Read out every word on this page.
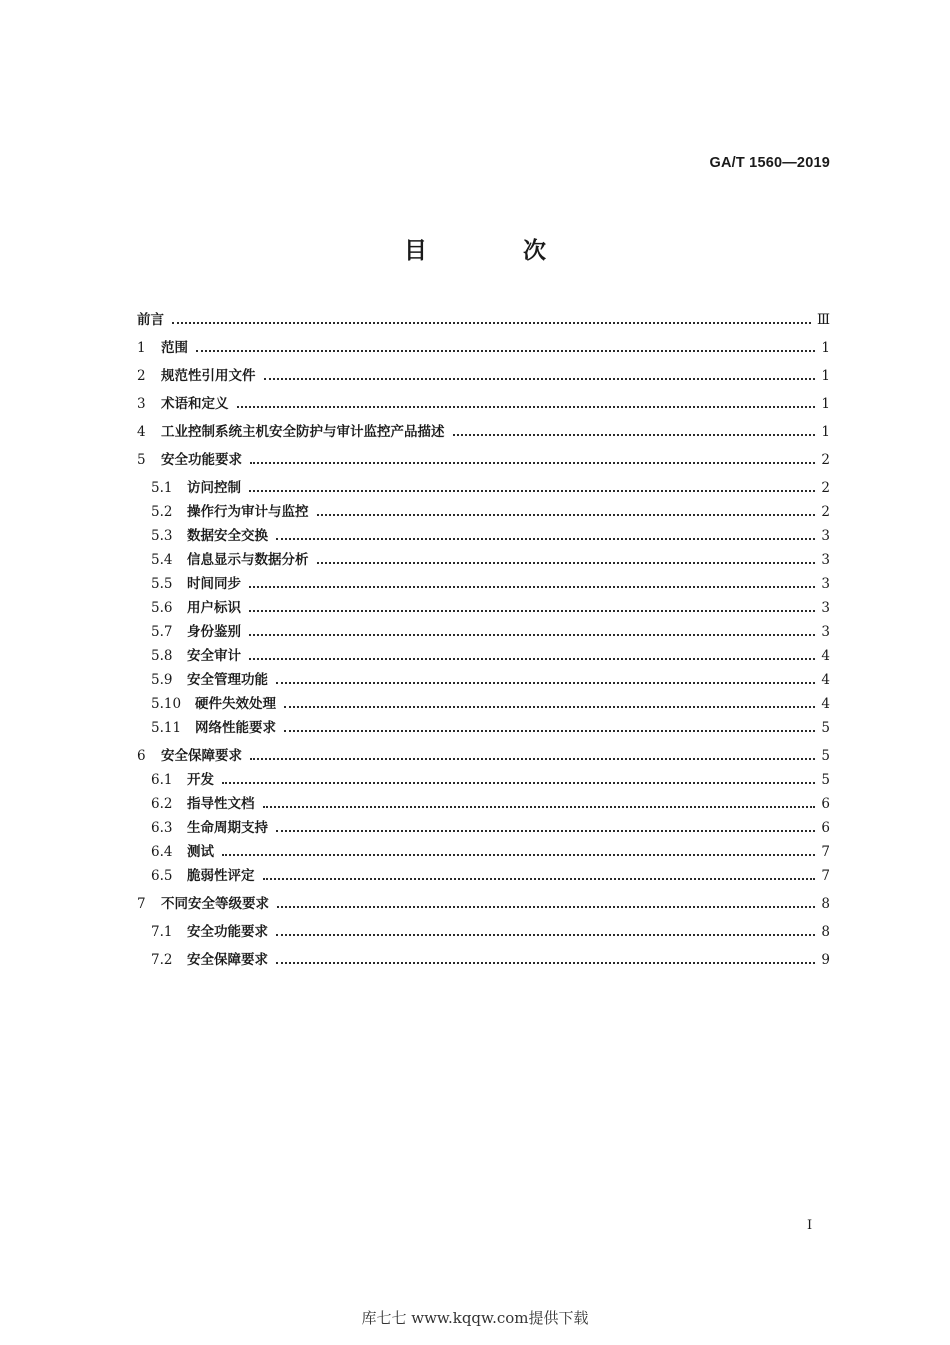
GA/T 1560—2019
目 次
前言	Ⅲ
1	范围	1
2	规范性引用文件	1
3	术语和定义	1
4	工业控制系统主机安全防护与审计监控产品描述	1
5	安全功能要求	2
5.1	访问控制	2
5.2	操作行为审计与监控	2
5.3	数据安全交换	3
5.4	信息显示与数据分析	3
5.5	时间同步	3
5.6	用户标识	3
5.7	身份鉴别	3
5.8	安全审计	4
5.9	安全管理功能	4
5.10	硬件失效处理	4
5.11	网络性能要求	5
6	安全保障要求	5
6.1	开发	5
6.2	指导性文档	6
6.3	生命周期支持	6
6.4	测试	7
6.5	脆弱性评定	7
7	不同安全等级要求	8
7.1	安全功能要求	8
7.2	安全保障要求	9
I
库七七 www.kqqw.com提供下载
